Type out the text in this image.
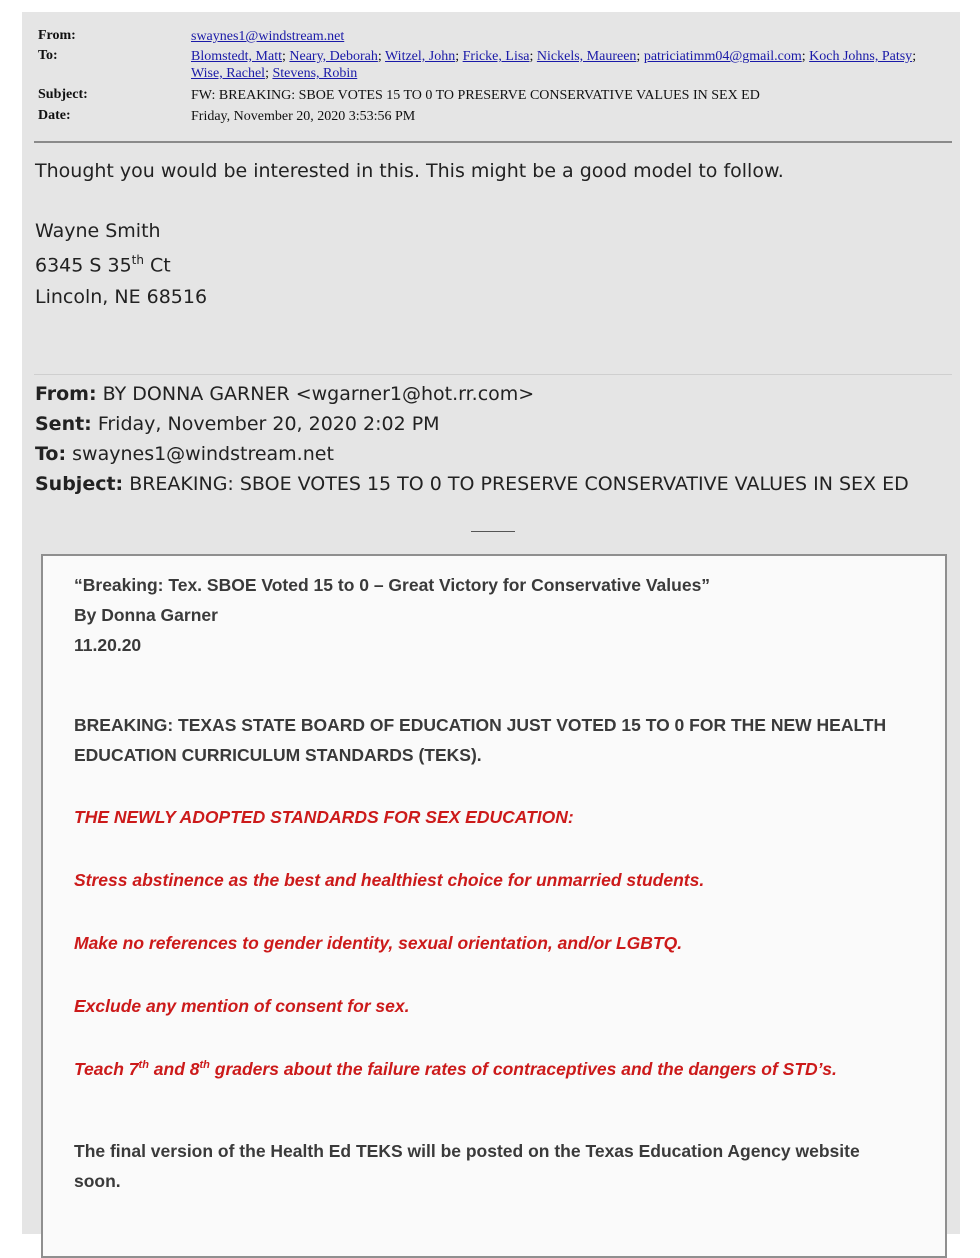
From:	swaynes1@windstream.net
To:	Blomstedt, Matt; Neary, Deborah; Witzel, John; Fricke, Lisa; Nickels, Maureen; patriciatimm04@gmail.com; Koch Johns, Patsy; Wise, Rachel; Stevens, Robin
Subject:	FW: BREAKING: SBOE VOTES 15 TO 0 TO PRESERVE CONSERVATIVE VALUES IN SEX ED
Date:	Friday, November 20, 2020 3:53:56 PM
Thought you would be interested in this. This might be a good model to follow.
Wayne Smith
6345 S 35th Ct
Lincoln, NE 68516
From: BY DONNA GARNER <wgarner1@hot.rr.com>
Sent: Friday, November 20, 2020 2:02 PM
To: swaynes1@windstream.net
Subject: BREAKING: SBOE VOTES 15 TO 0 TO PRESERVE CONSERVATIVE VALUES IN SEX ED
“Breaking: Tex. SBOE Voted 15 to 0 – Great Victory for Conservative Values”
By Donna Garner
11.20.20
BREAKING: TEXAS STATE BOARD OF EDUCATION JUST VOTED 15 TO 0 FOR THE NEW HEALTH EDUCATION CURRICULUM STANDARDS (TEKS).
THE NEWLY ADOPTED STANDARDS FOR SEX EDUCATION:
Stress abstinence as the best and healthiest choice for unmarried students.
Make no references to gender identity, sexual orientation, and/or LGBTQ.
Exclude any mention of consent for sex.
Teach 7th and 8th graders about the failure rates of contraceptives and the dangers of STD’s.
The final version of the Health Ed TEKS will be posted on the Texas Education Agency website soon.
